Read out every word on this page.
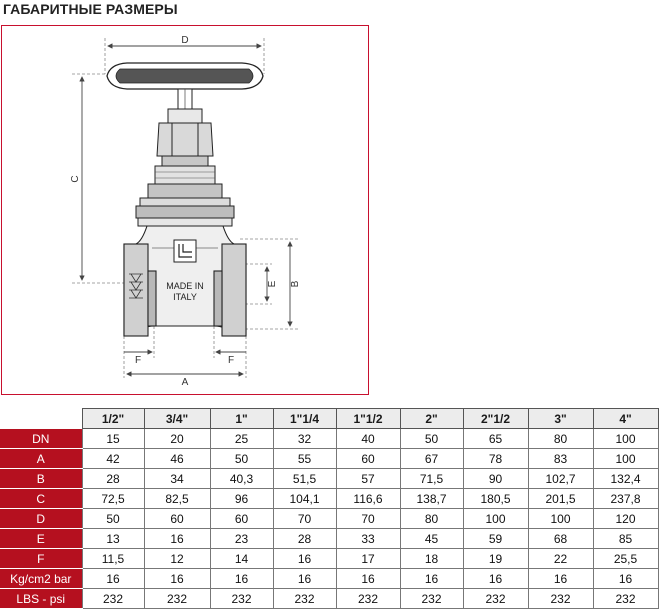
ГАБАРИТНЫЕ РАЗМЕРЫ
D
C
B
E
F	F
A
MADE IN
ITALY
	1/2"	3/4"	1"	1"1/4	1"1/2	2"	2"1/2	3"	4"
DN	15	20	25	32	40	50	65	80	100
A	42	46	50	55	60	67	78	83	100
B	28	34	40,3	51,5	57	71,5	90	102,7	132,4
C	72,5	82,5	96	104,1	116,6	138,7	180,5	201,5	237,8
D	50	60	60	70	70	80	100	100	120
E	13	16	23	28	33	45	59	68	85
F	11,5	12	14	16	17	18	19	22	25,5
Kg/cm2 bar	16	16	16	16	16	16	16	16	16
LBS - psi	232	232	232	232	232	232	232	232	232
